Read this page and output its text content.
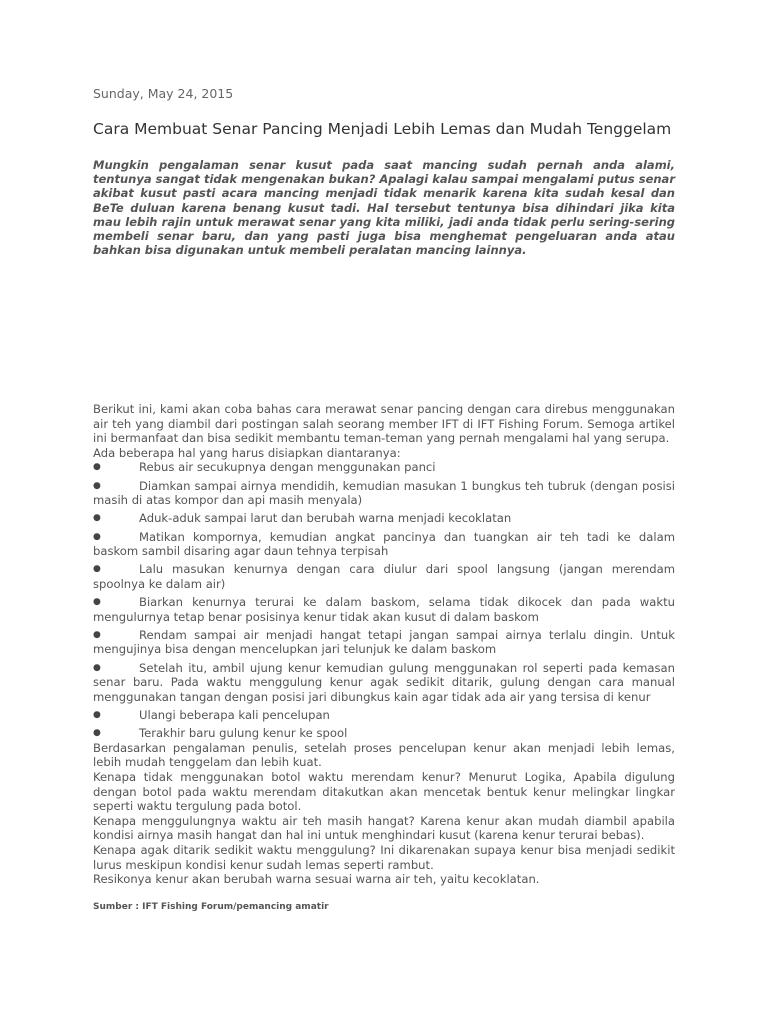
Sunday, May 24, 2015
Cara Membuat Senar Pancing Menjadi Lebih Lemas dan Mudah Tenggelam

Mungkin pengalaman senar kusut pada saat mancing sudah pernah anda alami, tentunya sangat tidak mengenakan bukan? Apalagi kalau sampai mengalami putus senar akibat kusut pasti acara mancing menjadi tidak menarik karena kita sudah kesal dan BeTe duluan karena benang kusut tadi. Hal tersebut tentunya bisa dihindari jika kita mau lebih rajin untuk merawat senar yang kita miliki, jadi anda tidak perlu sering-sering membeli senar baru, dan yang pasti juga bisa menghemat pengeluaran anda atau bahkan bisa digunakan untuk membeli peralatan mancing lainnya.

Berikut ini, kami akan coba bahas cara merawat senar pancing dengan cara direbus menggunakan air teh yang diambil dari postingan salah seorang member IFT di IFT Fishing Forum. Semoga artikel ini bermanfaat dan bisa sedikit membantu teman-teman yang pernah mengalami hal yang serupa.

Ada beberapa hal yang harus disiapkan diantaranya:

●	Rebus air secukupnya dengan menggunakan panci
●	Diamkan sampai airnya mendidih, kemudian masukan 1 bungkus teh tubruk (dengan posisi masih di atas kompor dan api masih menyala)
●	Aduk-aduk sampai larut dan berubah warna menjadi kecoklatan
●	Matikan kompornya, kemudian angkat pancinya dan tuangkan air teh tadi ke dalam baskom sambil disaring agar daun tehnya terpisah
●	Lalu masukan kenurnya dengan cara diulur dari spool langsung (jangan merendam spoolnya ke dalam air)
●	Biarkan kenurnya terurai ke dalam baskom, selama tidak dikocek dan pada waktu mengulurnya tetap benar posisinya kenur tidak akan kusut di dalam baskom
●	Rendam sampai air menjadi hangat tetapi jangan sampai airnya terlalu dingin. Untuk mengujinya bisa dengan mencelupkan jari telunjuk ke dalam baskom
●	Setelah itu, ambil ujung kenur kemudian gulung menggunakan rol seperti pada kemasan senar baru. Pada waktu menggulung kenur agak sedikit ditarik, gulung dengan cara manual menggunakan tangan dengan posisi jari dibungkus kain agar tidak ada air yang tersisa di kenur
●	Ulangi beberapa kali pencelupan
●	Terakhir baru gulung kenur ke spool

Berdasarkan pengalaman penulis, setelah proses pencelupan kenur akan menjadi lebih lemas, lebih mudah tenggelam dan lebih kuat.

Kenapa tidak menggunakan botol waktu merendam kenur? Menurut Logika, Apabila digulung dengan botol pada waktu merendam ditakutkan akan mencetak bentuk kenur melingkar lingkar seperti waktu tergulung pada botol.

Kenapa menggulungnya waktu air teh masih hangat? Karena kenur akan mudah diambil apabila kondisi airnya masih hangat dan hal ini untuk menghindari kusut (karena kenur terurai bebas).

Kenapa agak ditarik sedikit waktu menggulung? Ini dikarenakan supaya kenur bisa menjadi sedikit lurus meskipun kondisi kenur sudah lemas seperti rambut.

Resikonya kenur akan berubah warna sesuai warna air teh, yaitu kecoklatan.

Sumber : IFT Fishing Forum/pemancing amatir
